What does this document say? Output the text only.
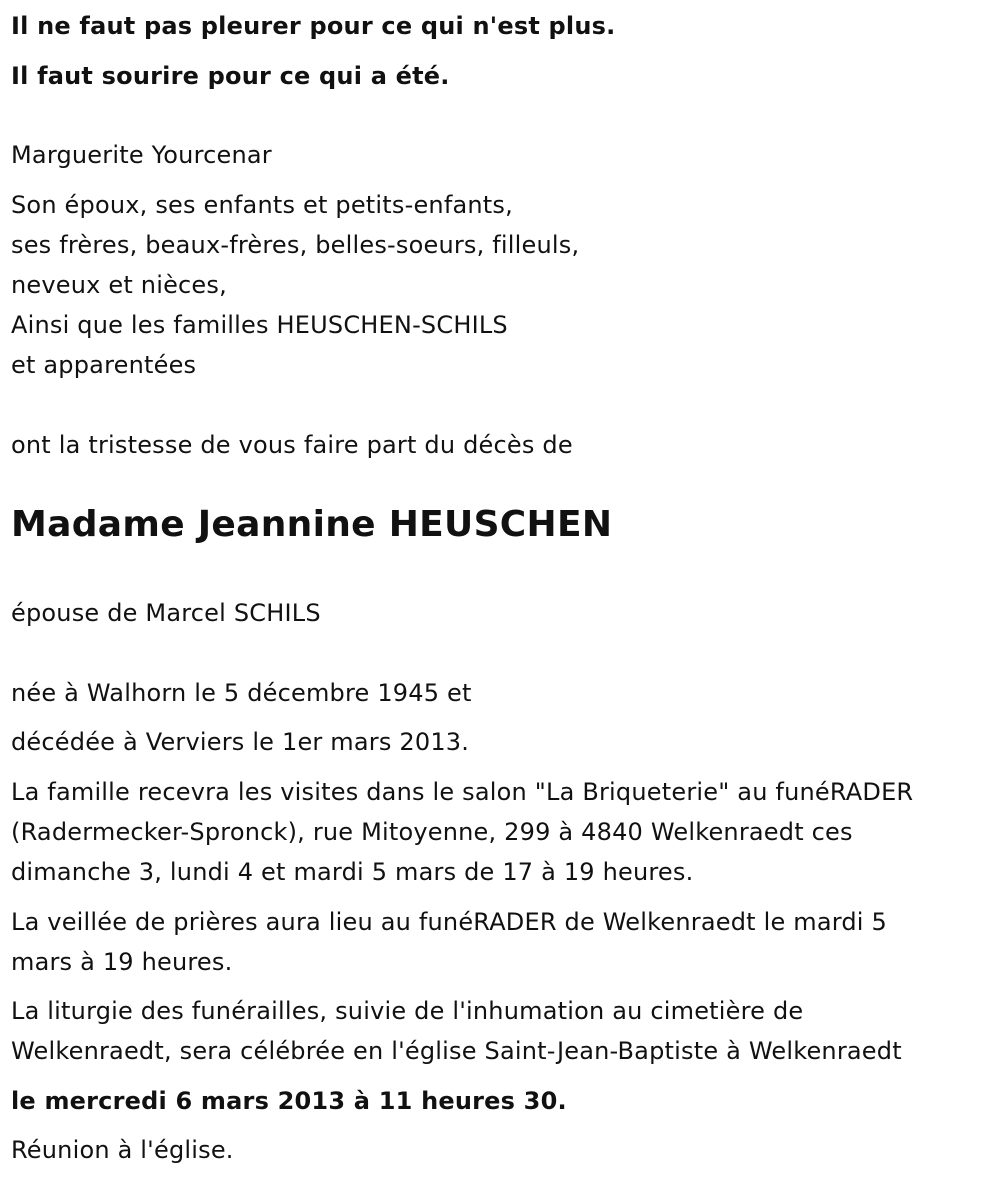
Il ne faut pas pleurer pour ce qui n'est plus.
Il faut sourire pour ce qui a été.
Marguerite Yourcenar
Son époux, ses enfants et petits-enfants,
ses frères, beaux-frères, belles-soeurs, filleuls,
neveux et nièces,
Ainsi que les familles HEUSCHEN-SCHILS
et apparentées
ont la tristesse de vous faire part du décès de
Madame Jeannine HEUSCHEN
épouse de Marcel SCHILS
née à Walhorn le 5 décembre 1945 et
décédée à Verviers le 1er mars 2013.
La famille recevra les visites dans le salon "La Briqueterie" au funéRADER
(Radermecker-Spronck), rue Mitoyenne, 299 à 4840 Welkenraedt ces
dimanche 3, lundi 4 et mardi 5 mars de 17 à 19 heures.
La veillée de prières aura lieu au funéRADER de Welkenraedt le mardi 5
mars à 19 heures.
La liturgie des funérailles, suivie de l'inhumation au cimetière de
Welkenraedt, sera célébrée en l'église Saint-Jean-Baptiste à Welkenraedt
le mercredi 6 mars 2013 à 11 heures 30.
Réunion à l'église.
